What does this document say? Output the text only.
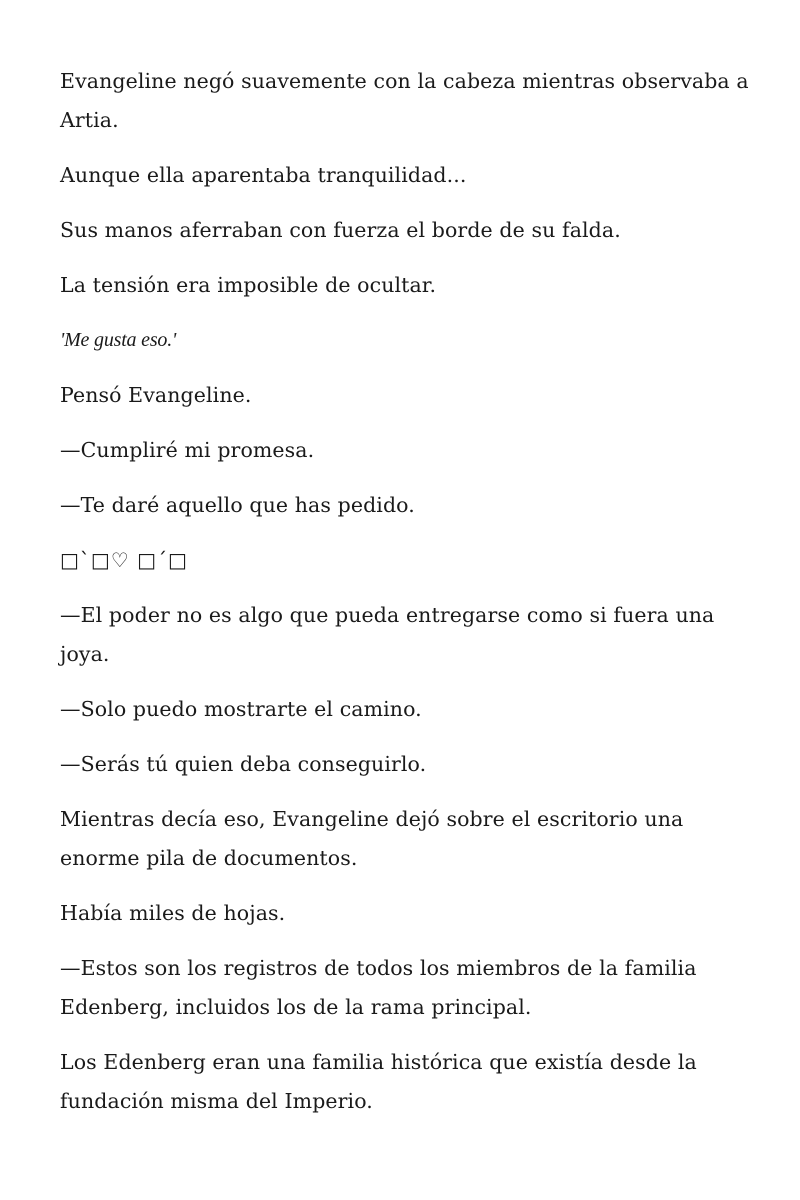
Evangeline negó suavemente con la cabeza mientras observaba a Artia.

Aunque ella aparentaba tranquilidad...

Sus manos aferraban con fuerza el borde de su falda.

La tensión era imposible de ocultar.

'Me gusta eso.'

Pensó Evangeline.

—Cumpliré mi promesa.

—Te daré aquello que has pedido.

□`□♡ □´□

—El poder no es algo que pueda entregarse como si fuera una joya.

—Solo puedo mostrarte el camino.

—Serás tú quien deba conseguirlo.

Mientras decía eso, Evangeline dejó sobre el escritorio una enorme pila de documentos.

Había miles de hojas.

—Estos son los registros de todos los miembros de la familia Edenberg, incluidos los de la rama principal.

Los Edenberg eran una familia histórica que existía desde la fundación misma del Imperio.
